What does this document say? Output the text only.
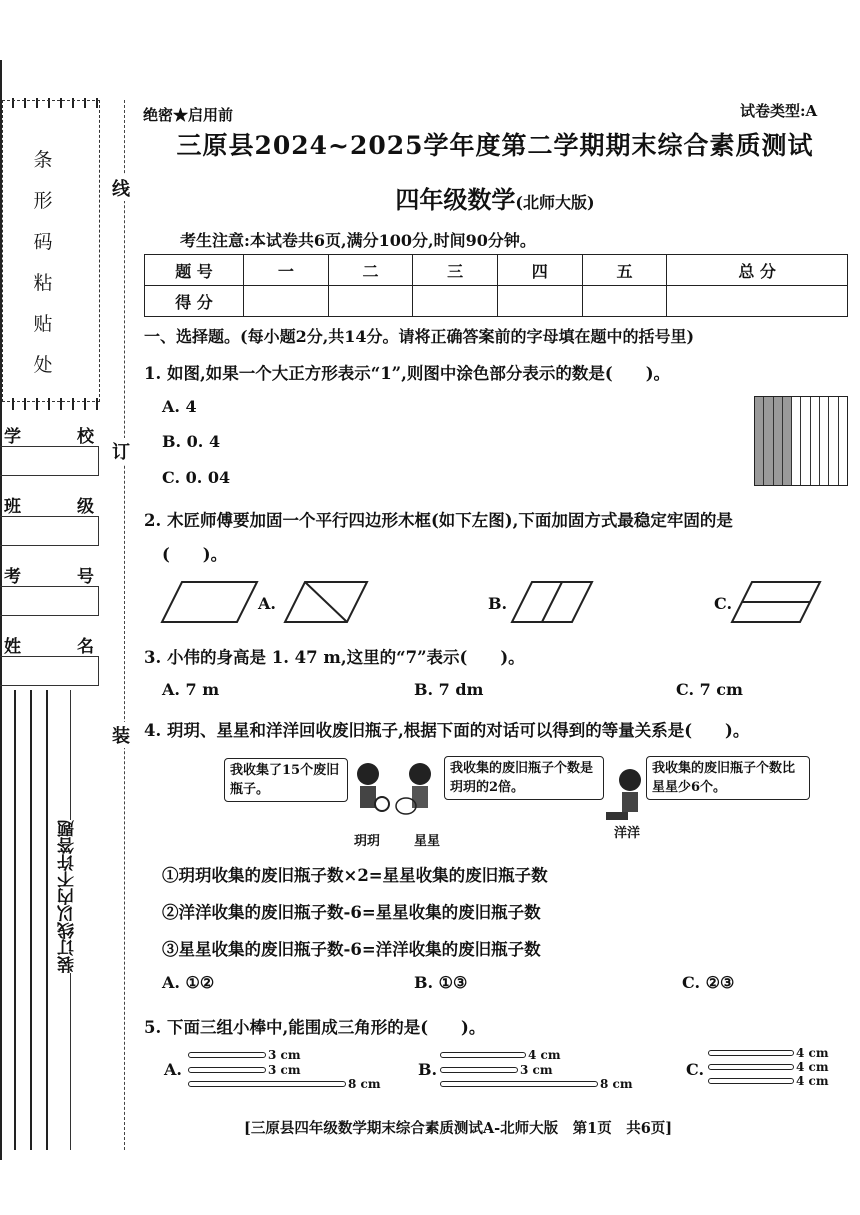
条形码粘贴处
学	校
班	级
考	号
姓	名
装订线以内不许答题
线
订
装
绝密★启用前	试卷类型:A
三原县2024~2025学年度第二学期期末综合素质测试
四年级数学(北师大版)
考生注意:本试卷共6页,满分100分,时间90分钟。
题 号	一	二	三	四	五	总 分
得 分						
一、选择题。(每小题2分,共14分。请将正确答案前的字母填在题中的括号里)
1. 如图,如果一个大正方形表示“1”,则图中涂色部分表示的数是(　　)。
A. 4
B. 0. 4
C. 0. 04
2. 木匠师傅要加固一个平行四边形木框(如下左图),下面加固方式最稳定牢固的是
(　　)。
A.	B.	C.
3. 小伟的身高是 1. 47 m,这里的“7”表示(　　)。
A. 7 m	B. 7 dm	C. 7 cm
4. 玥玥、星星和洋洋回收废旧瓶子,根据下面的对话可以得到的等量关系是(　　)。
我收集了15个废旧瓶子。
我收集的废旧瓶子个数是玥玥的2倍。
我收集的废旧瓶子个数比星星少6个。
玥玥	星星
洋洋
①玥玥收集的废旧瓶子数×2=星星收集的废旧瓶子数
②洋洋收集的废旧瓶子数-6=星星收集的废旧瓶子数
③星星收集的废旧瓶子数-6=洋洋收集的废旧瓶子数
A. ①②	B. ①③	C. ②③
5. 下面三组小棒中,能围成三角形的是(　　)。
A.
3 cm
3 cm
8 cm
B.
4 cm
3 cm
8 cm
C.
4 cm
4 cm
4 cm
[三原县四年级数学期末综合素质测试A-北师大版　第1页　共6页]
